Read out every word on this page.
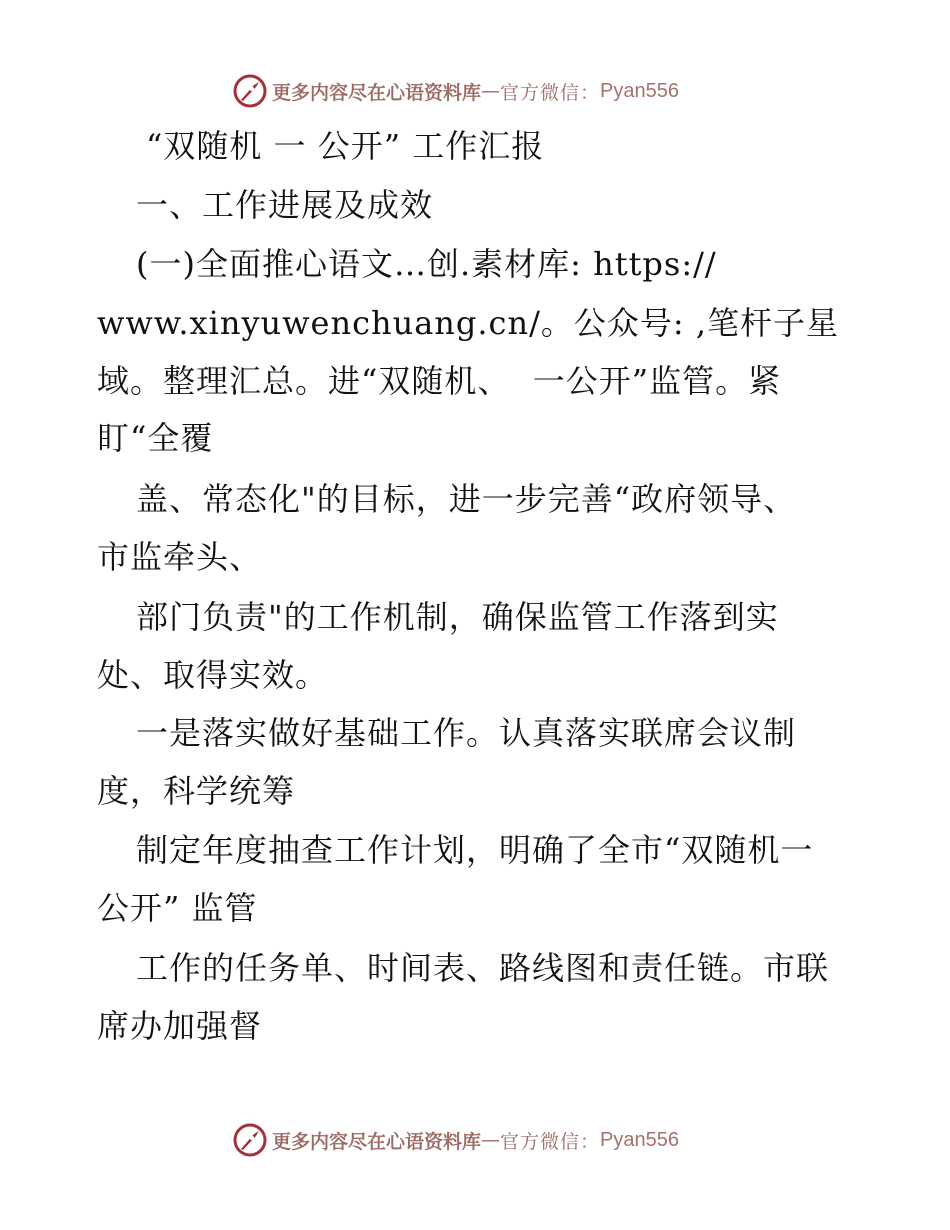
更多内容尽在心语资料库 — 官方微信： Pyan556
“双随机 一 公开” 工作汇报
一、工作进展及成效
(一)全面推心语文…创.素材库: https://
www.xinyuwenchuang.cn/。公众号: ,笔杆子星
域。整理汇总。进“双随机、  一公开”监管。紧
盯“全覆
盖、常态化"的目标，进一步完善“政府领导、
市监牵头、
部门负责"的工作机制，确保监管工作落到实
处、取得实效。
一是落实做好基础工作。认真落实联席会议制
度，科学统筹
制定年度抽查工作计划，明确了全市“双随机一
公开” 监管
工作的任务单、时间表、路线图和责任链。市联
席办加强督
更多内容尽在心语资料库 — 官方微信： Pyan556
